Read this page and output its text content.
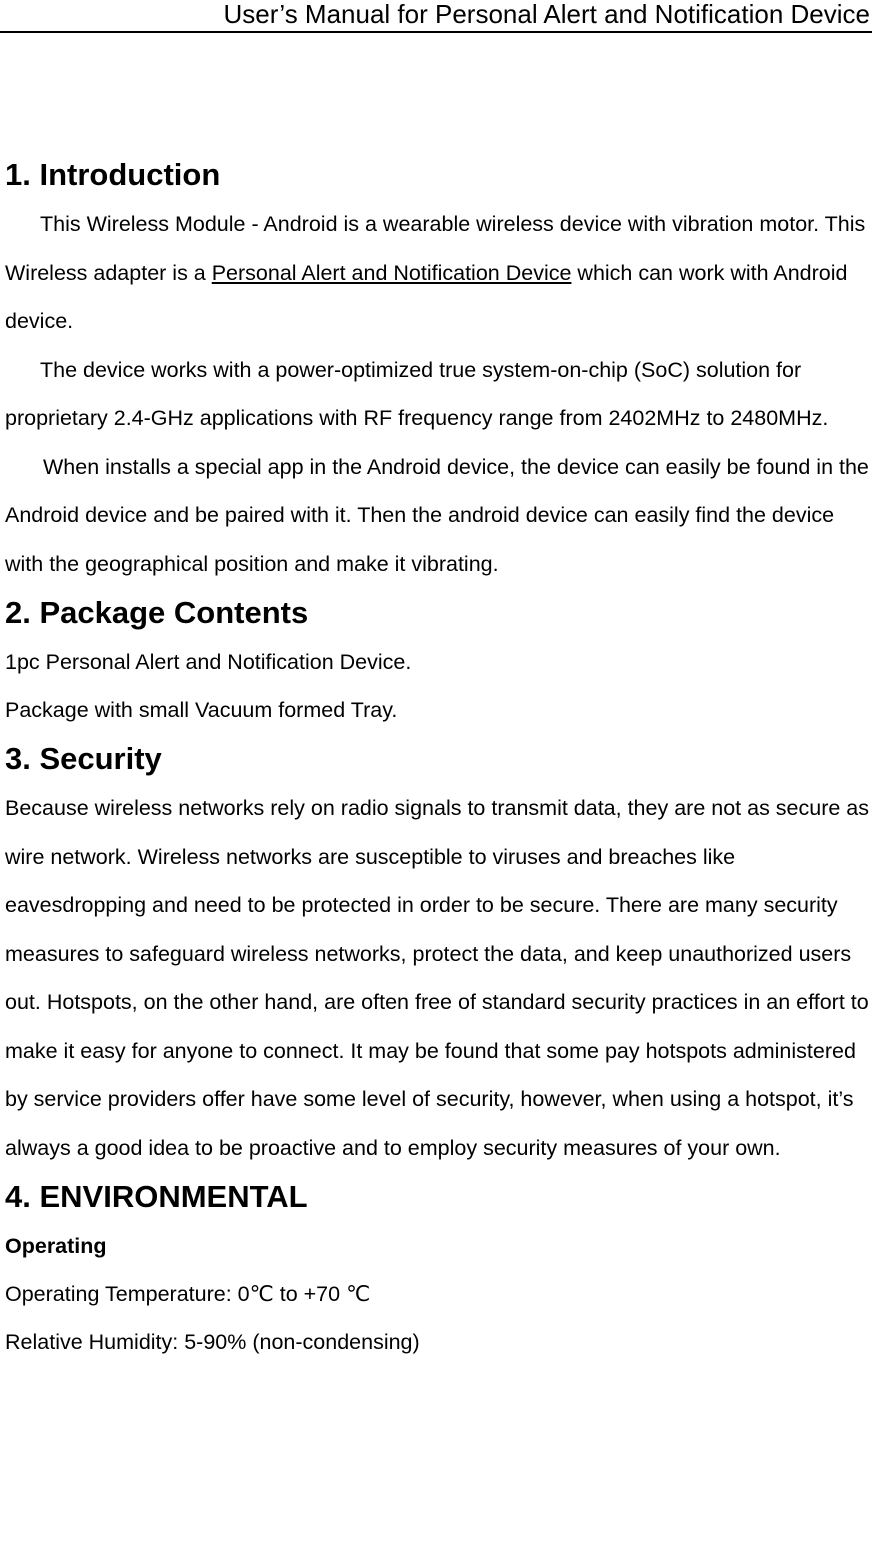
User’s Manual for Personal Alert and Notification Device
1. Introduction

This Wireless Module - Android is a wearable wireless device with vibration motor. This Wireless adapter is a Personal Alert and Notification Device which can work with Android device.

The device works with a power-optimized true system-on-chip (SoC) solution for proprietary 2.4-GHz applications with RF frequency range from 2402MHz to 2480MHz.

When installs a special app in the Android device, the device can easily be found in the Android device and be paired with it. Then the android device can easily find the device with the geographical position and make it vibrating.

2. Package Contents

1pc Personal Alert and Notification Device.

Package with small Vacuum formed Tray.

3. Security

Because wireless networks rely on radio signals to transmit data, they are not as secure as wire network. Wireless networks are susceptible to viruses and breaches like eavesdropping and need to be protected in order to be secure. There are many security measures to safeguard wireless networks, protect the data, and keep unauthorized users out. Hotspots, on the other hand, are often free of standard security practices in an effort to make it easy for anyone to connect. It may be found that some pay hotspots administered by service providers offer have some level of security, however, when using a hotspot, it’s always a good idea to be proactive and to employ security measures of your own.

4. ENVIRONMENTAL

Operating

Operating Temperature: 0℃ to +70 ℃

Relative Humidity: 5-90% (non-condensing)
